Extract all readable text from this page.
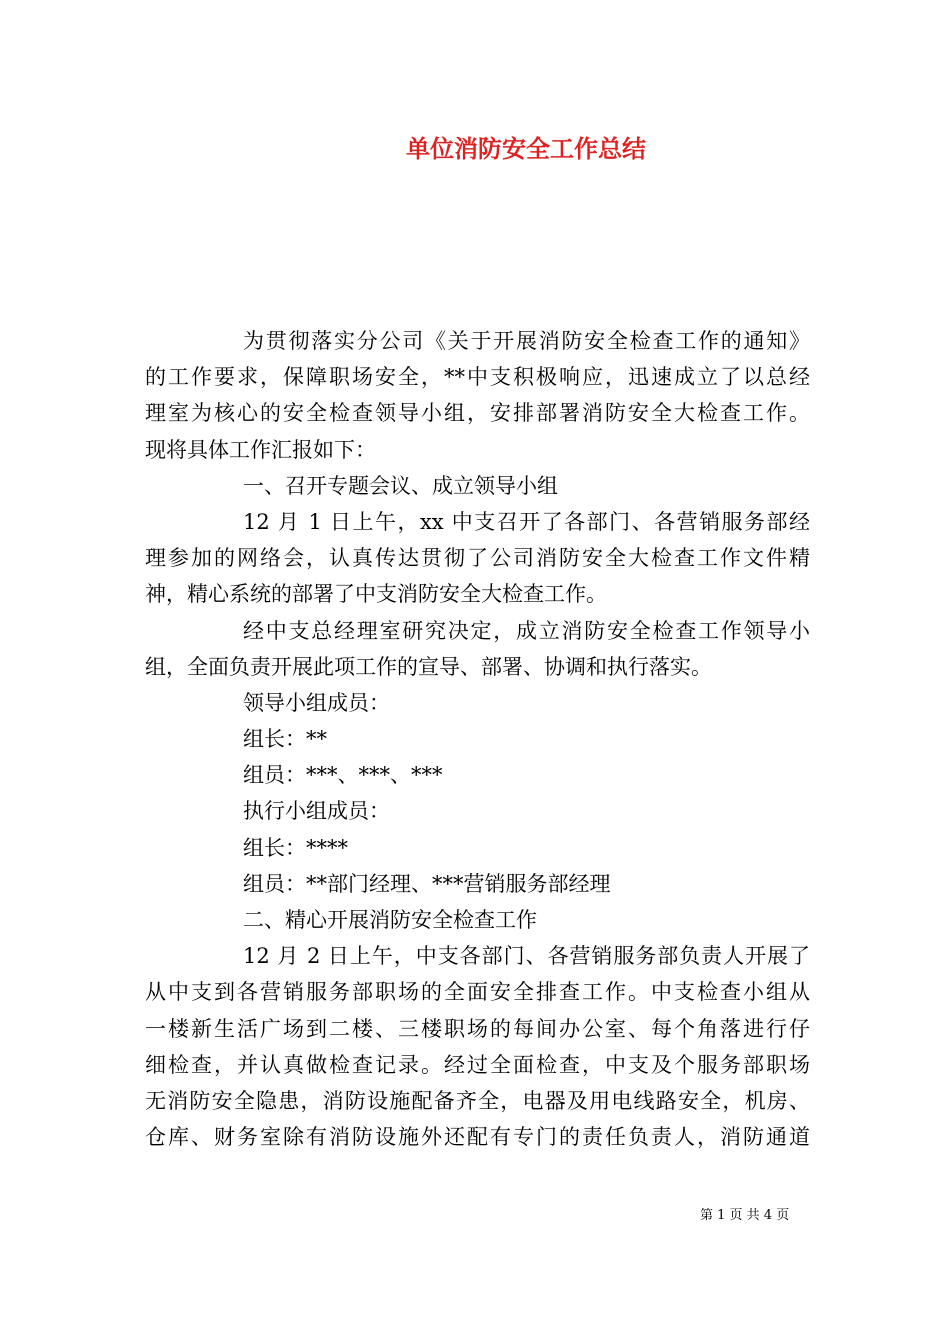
单位消防安全工作总结
为贯彻落实分公司《关于开展消防安全检查工作的通知》
的工作要求，保障职场安全，**中支积极响应，迅速成立了以总经
理室为核心的安全检查领导小组，安排部署消防安全大检查工作。
现将具体工作汇报如下：
一、召开专题会议、成立领导小组
12 月 1 日上午，xx 中支召开了各部门、各营销服务部经
理参加的网络会，认真传达贯彻了公司消防安全大检查工作文件精
神，精心系统的部署了中支消防安全大检查工作。
经中支总经理室研究决定，成立消防安全检查工作领导小
组，全面负责开展此项工作的宣导、部署、协调和执行落实。
领导小组成员：
组长：**
组员：***、***、***
执行小组成员：
组长：****
组员：**部门经理、***营销服务部经理
二、精心开展消防安全检查工作
12 月 2 日上午，中支各部门、各营销服务部负责人开展了
从中支到各营销服务部职场的全面安全排查工作。中支检查小组从
一楼新生活广场到二楼、三楼职场的每间办公室、每个角落进行仔
细检查，并认真做检查记录。经过全面检查，中支及个服务部职场
无消防安全隐患，消防设施配备齐全，电器及用电线路安全，机房、
仓库、财务室除有消防设施外还配有专门的责任负责人，消防通道
第 1 页 共 4 页
